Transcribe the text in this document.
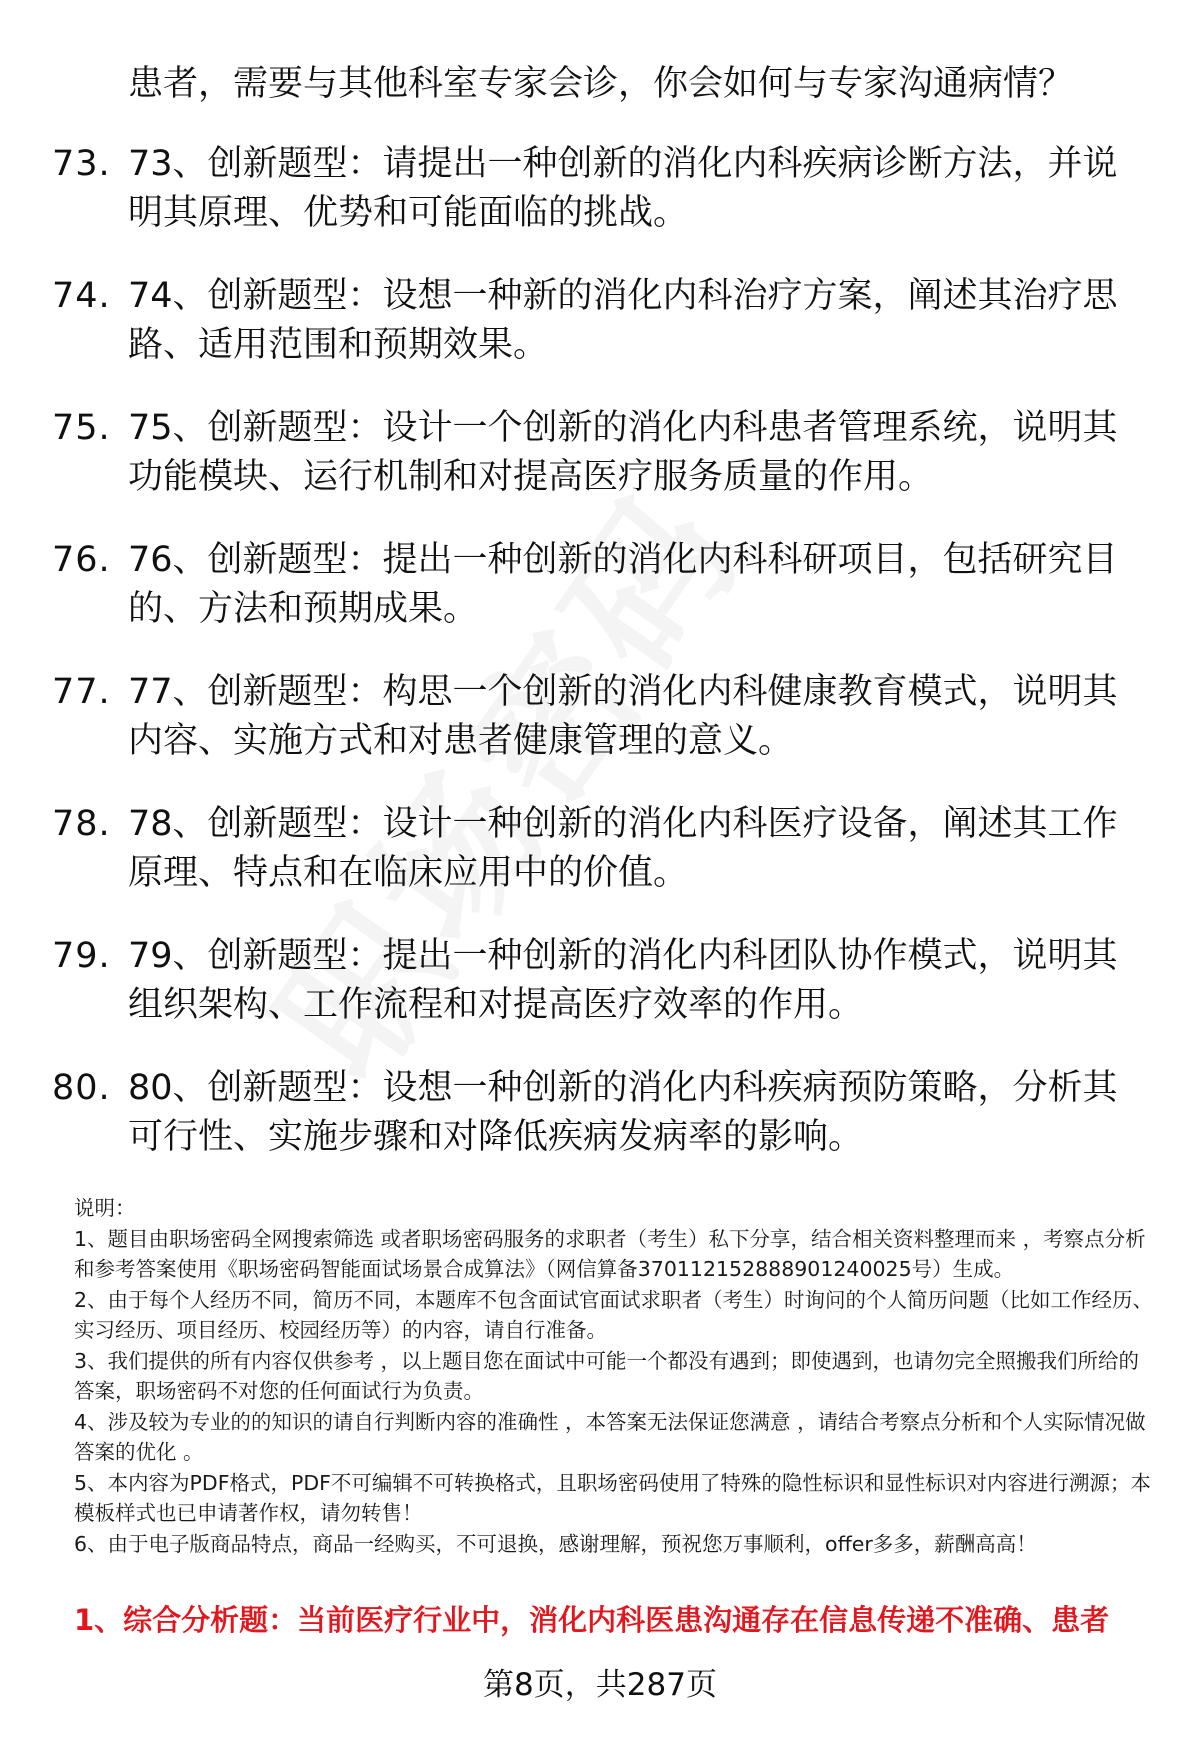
患者，需要与其他科室专家会诊，你会如何与专家沟通病情？
73. 73、创新题型：请提出一种创新的消化内科疾病诊断方法，并说明其原理、优势和可能面临的挑战。
74. 74、创新题型：设想一种新的消化内科治疗方案，阐述其治疗思路、适用范围和预期效果。
75. 75、创新题型：设计一个创新的消化内科患者管理系统，说明其功能模块、运行机制和对提高医疗服务质量的作用。
76. 76、创新题型：提出一种创新的消化内科科研项目，包括研究目的、方法和预期成果。
77. 77、创新题型：构思一个创新的消化内科健康教育模式，说明其内容、实施方式和对患者健康管理的意义。
78. 78、创新题型：设计一种创新的消化内科医疗设备，阐述其工作原理、特点和在临床应用中的价值。
79. 79、创新题型：提出一种创新的消化内科团队协作模式，说明其组织架构、工作流程和对提高医疗效率的作用。
80. 80、创新题型：设想一种创新的消化内科疾病预防策略，分析其可行性、实施步骤和对降低疾病发病率的影响。

说明：

1、题目由职场密码全网搜索筛选 或者职场密码服务的求职者（考生）私下分享，结合相关资料整理而来 ，考察点分析和参考答案使用《职场密码智能面试场景合成算法》（网信算备370112152888901240025号）生成。

2、由于每个人经历不同，简历不同，本题库不包含面试官面试求职者（考生）时询问的个人简历问题（比如工作经历、实习经历、项目经历、校园经历等）的内容，请自行准备。

3、我们提供的所有内容仅供参考 ，以上题目您在面试中可能一个都没有遇到；即使遇到，也请勿完全照搬我们所给的答案，职场密码不对您的任何面试行为负责。

4、涉及较为专业的的知识的请自行判断内容的准确性 ，本答案无法保证您满意 ，请结合考察点分析和个人实际情况做答案的优化 。

5、本内容为PDF格式，PDF不可编辑不可转换格式，且职场密码使用了特殊的隐性标识和显性标识对内容进行溯源；本模板样式也已申请著作权，请勿转售！

6、由于电子版商品特点，商品一经购买，不可退换，感谢理解，预祝您万事顺利，offer多多，薪酬高高！

1、综合分析题：当前医疗行业中，消化内科医患沟通存在信息传递不准确、患者
第8页，共287页
